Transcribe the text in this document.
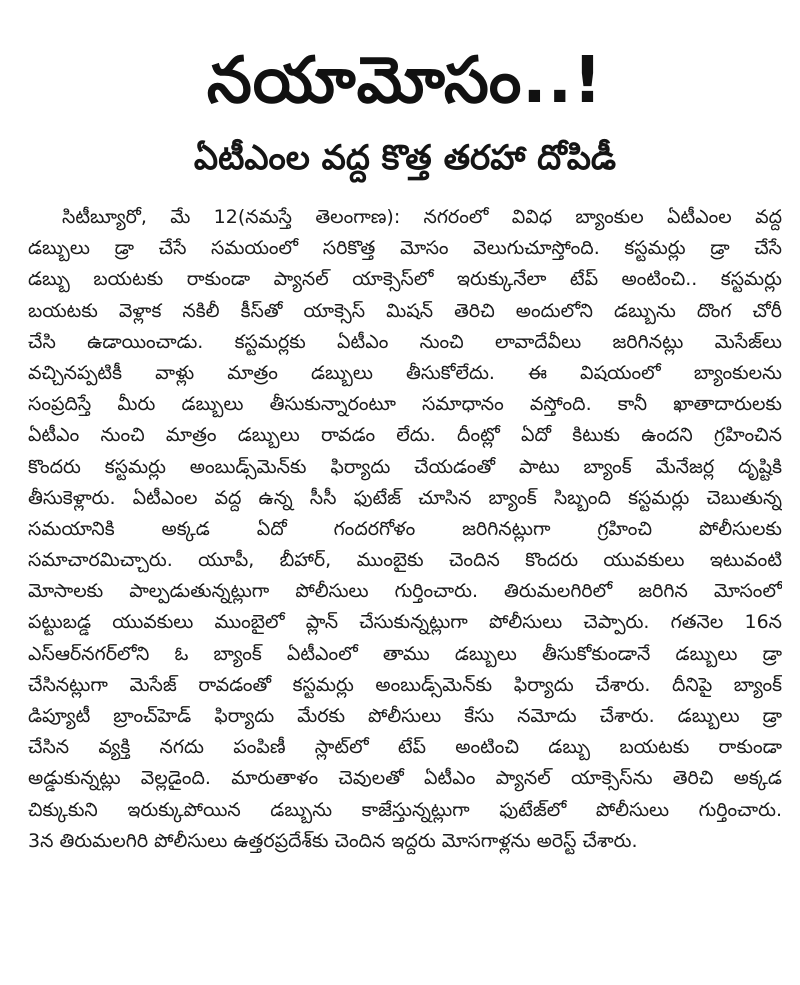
నయామోసం..!
ఏటీఎంల వద్ద కొత్త తరహా దోపిడీ
సిటీబ్యూరో, మే 12(నమస్తే తెలంగాణ): నగరంలో వివిధ బ్యాంకుల ఏటీఎంల వద్ద
డబ్బులు డ్రా చేసే సమయంలో సరికొత్త మోసం వెలుగుచూస్తోంది. కస్టమర్లు డ్రా చేసే
డబ్బు బయటకు రాకుండా ప్యానల్ యాక్సెస్‌లో ఇరుక్కునేలా టేప్ అంటించి.. కస్టమర్లు
బయటకు వెళ్లాక నకిలీ కీస్‌తో యాక్సెస్ మిషన్ తెరిచి అందులోని డబ్బును దొంగ చోరీ
చేసి ఉడాయించాడు. కస్టమర్లకు ఏటీఎం నుంచి లావాదేవీలు జరిగినట్లు మెసేజ్‌లు
వచ్చినప్పటికీ వాళ్లు మాత్రం డబ్బులు తీసుకోలేదు. ఈ విషయంలో బ్యాంకులను
సంప్రదిస్తే మీరు డబ్బులు తీసుకున్నారంటూ సమాధానం వస్తోంది. కానీ ఖాతాదారులకు
ఏటీఎం నుంచి మాత్రం డబ్బులు రావడం లేదు. దీంట్లో ఏదో కిటుకు ఉందని గ్రహించిన
కొందరు కస్టమర్లు అంబుడ్స్‌మెన్‌కు ఫిర్యాదు చేయడంతో పాటు బ్యాంక్ మేనేజర్ల దృష్టికి
తీసుకెళ్లారు. ఏటీఎంల వద్ద ఉన్న సీసీ ఫుటేజ్ చూసిన బ్యాంక్ సిబ్బంది కస్టమర్లు చెబుతున్న
సమయానికి అక్కడ ఏదో గందరగోళం జరిగినట్లుగా గ్రహించి పోలీసులకు
సమాచారమిచ్చారు. యూపీ, బీహార్, ముంబైకు చెందిన కొందరు యువకులు ఇటువంటి
మోసాలకు పాల్పడుతున్నట్లుగా పోలీసులు గుర్తించారు. తిరుమలగిరిలో జరిగిన మోసంలో
పట్టుబడ్డ యువకులు ముంబైలో ప్లాన్ చేసుకున్నట్లుగా పోలీసులు చెప్పారు. గతనెల 16న
ఎస్ఆర్‌నగర్‌లోని ఓ బ్యాంక్ ఏటీఎంలో తాము డబ్బులు తీసుకోకుండానే డబ్బులు డ్రా
చేసినట్లుగా మెసేజ్ రావడంతో కస్టమర్లు అంబుడ్స్‌మెన్‌కు ఫిర్యాదు చేశారు. దీనిపై బ్యాంక్
డిప్యూటీ బ్రాంచ్‌హెడ్ ఫిర్యాదు మేరకు పోలీసులు కేసు నమోదు చేశారు. డబ్బులు డ్రా
చేసిన వ్యక్తి నగదు పంపిణీ స్లాట్‌లో టేప్ అంటించి డబ్బు బయటకు రాకుండా
అడ్డుకున్నట్లు వెల్లడైంది. మారుతాళం చెవులతో ఏటీఎం ప్యానల్ యాక్సెస్‌ను తెరిచి అక్కడ
చిక్కుకుని ఇరుక్కుపోయిన డబ్బును కాజేస్తున్నట్లుగా ఫుటేజ్‌లో పోలీసులు గుర్తించారు.
3న తిరుమలగిరి పోలీసులు ఉత్తరప్రదేశ్‌కు చెందిన ఇద్దరు మోసగాళ్లను అరెస్ట్ చేశారు.
